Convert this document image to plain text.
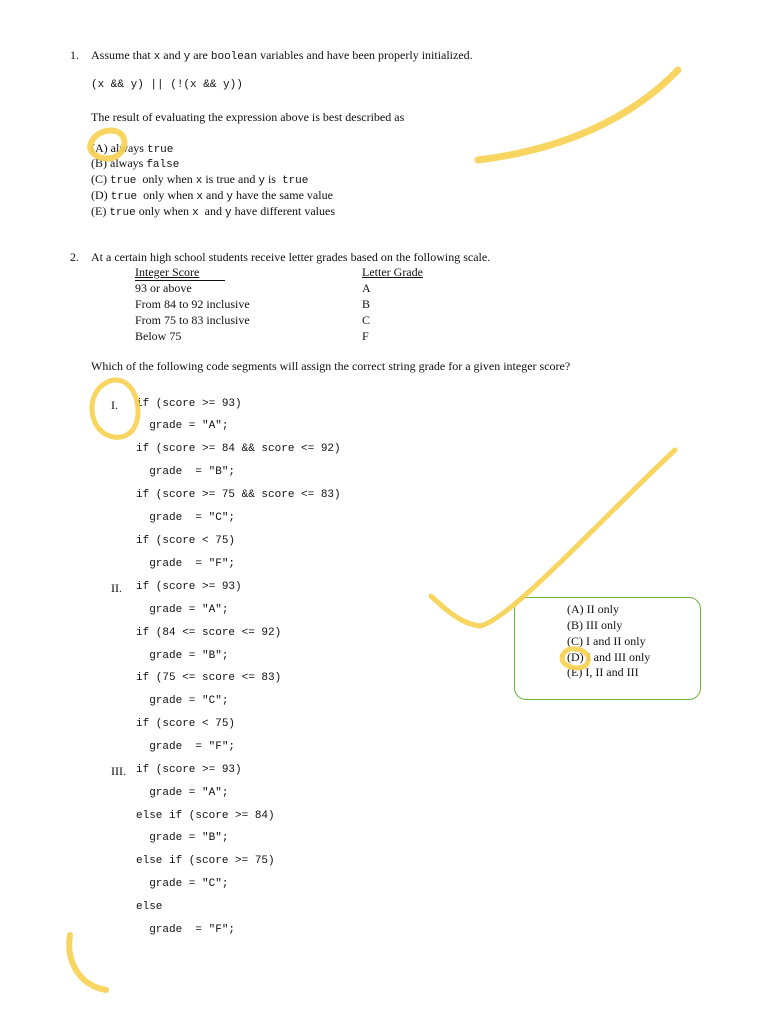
1. Assume that x and y are boolean variables and have been properly initialized.
(x && y) || (!(x && y))
The result of evaluating the expression above is best described as
(A) always true
(B) always false
(C) true  only when x is true and y is  true
(D) true  only when x and y have the same value
(E) true only when x  and y have different values
2. At a certain high school students receive letter grades based on the following scale.
Integer Score	Letter Grade
93 or above	A
From 84 to 92 inclusive	B
From 75 to 83 inclusive	C
Below 75	F
Which of the following code segments will assign the correct string grade for a given integer score?
I. if (score >= 93)
grade = "A";
if (score >= 84 && score <= 92)
grade  = "B";
if (score >= 75 && score <= 83)
grade  = "C";
if (score < 75)
grade  = "F";
II. if (score >= 93)
grade = "A";
if (84 <= score <= 92)
grade = "B";
if (75 <= score <= 83)
grade = "C";
if (score < 75)
grade  = "F";
III. if (score >= 93)
grade = "A";
else if (score >= 84)
grade = "B";
else if (score >= 75)
grade = "C";
else
grade  = "F";
(A) II only
(B) III only
(C) I and II only
(D) I and III only
(E) I, II and III
